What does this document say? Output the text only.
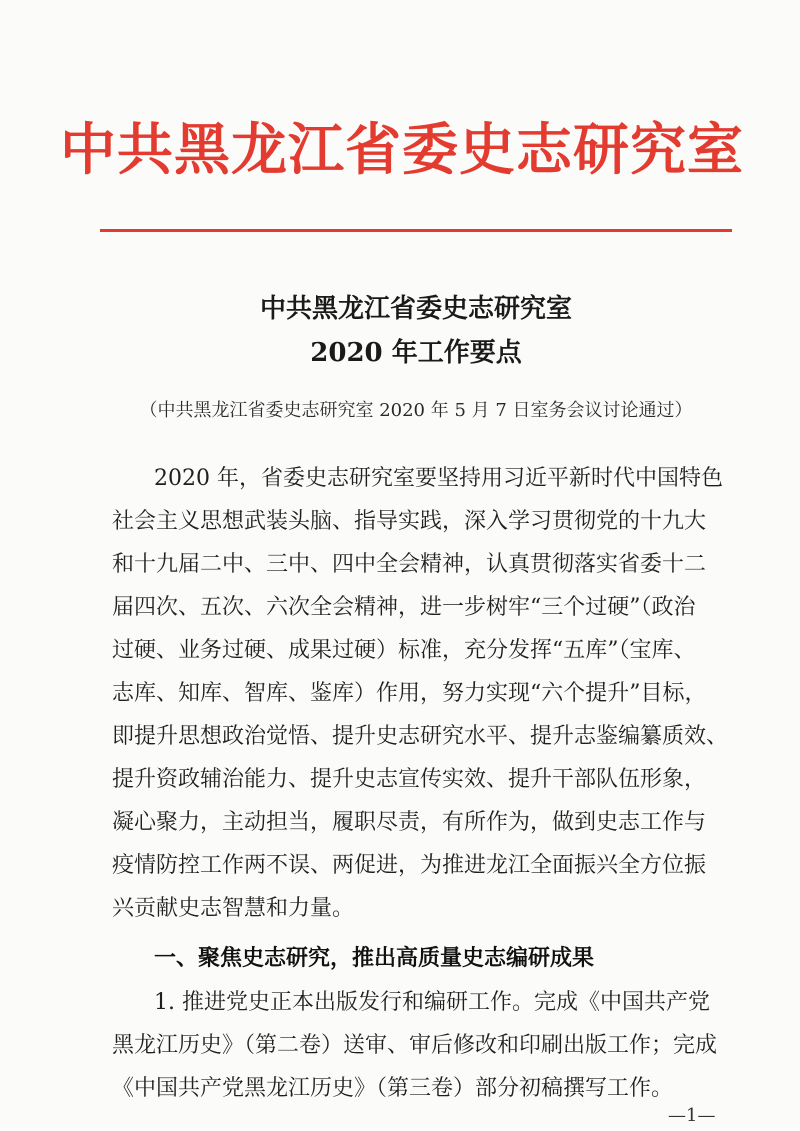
中共黑龙江省委史志研究室
中共黑龙江省委史志研究室
2020 年工作要点
（中共黑龙江省委史志研究室 2020 年 5 月 7 日室务会议讨论通过）
2020 年，省委史志研究室要坚持用习近平新时代中国特色
社会主义思想武装头脑、指导实践，深入学习贯彻党的十九大
和十九届二中、三中、四中全会精神，认真贯彻落实省委十二
届四次、五次、六次全会精神，进一步树牢“三个过硬”（政治
过硬、业务过硬、成果过硬）标准，充分发挥“五库”（宝库、
志库、知库、智库、鉴库）作用，努力实现“六个提升”目标，
即提升思想政治觉悟、提升史志研究水平、提升志鉴编纂质效、
提升资政辅治能力、提升史志宣传实效、提升干部队伍形象，
凝心聚力，主动担当，履职尽责，有所作为，做到史志工作与
疫情防控工作两不误、两促进，为推进龙江全面振兴全方位振
兴贡献史志智慧和力量。
一、聚焦史志研究，推出高质量史志编研成果
1. 推进党史正本出版发行和编研工作。完成《中国共产党
黑龙江历史》（第二卷）送审、审后修改和印刷出版工作；完成
《中国共产党黑龙江历史》（第三卷）部分初稿撰写工作。
—1—
